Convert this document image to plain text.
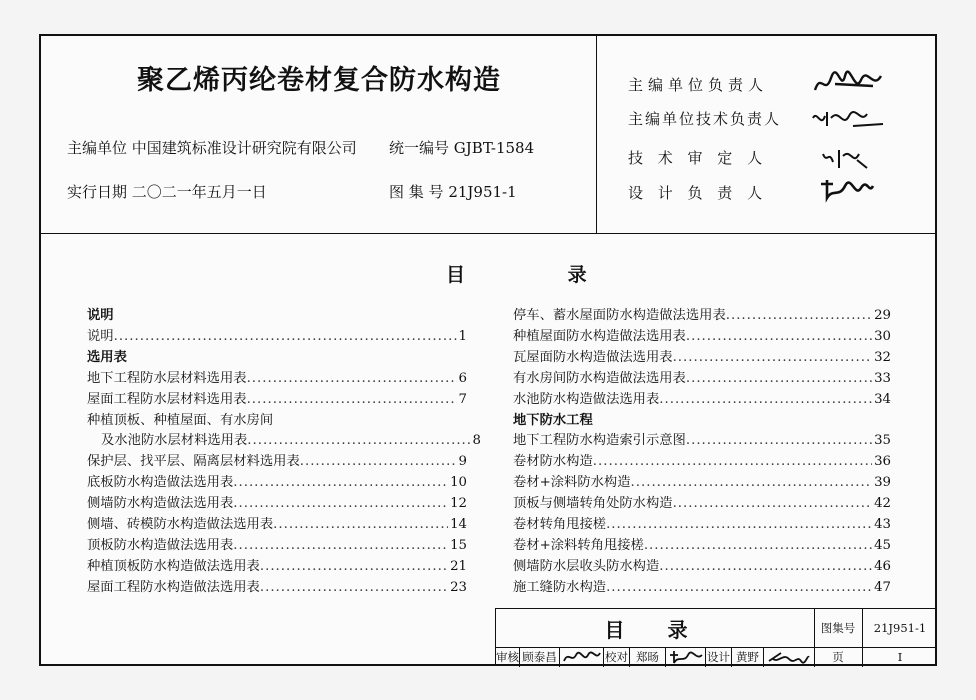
聚乙烯丙纶卷材复合防水构造
主编单位 中国建筑标准设计研究院有限公司 统一编号 GJBT-1584
实行日期 二〇二一年五月一日	图 集 号 21J951-1
主编单位负责人
主编单位技术负责人
技 术 审 定 人
设 计 负 责 人
目 录
说明
说明 .....	1
选用表
地下工程防水层材料选用表 .....	6
屋面工程防水层材料选用表 .....	7
种植顶板、种植屋面、有水房间
及水池防水层材料选用表 .....	8
保护层、找平层、隔离层材料选用表 .....	9
底板防水构造做法选用表 .....	10
侧墙防水构造做法选用表 .....	12
侧墙、砖模防水构造做法选用表 .....	14
顶板防水构造做法选用表 .....	15
种植顶板防水构造做法选用表 .....	21
屋面工程防水构造做法选用表 .....	23
停车、蓄水屋面防水构造做法选用表 .....	29
种植屋面防水构造做法选用表 .....	30
瓦屋面防水构造做法选用表 .....	32
有水房间防水构造做法选用表 .....	33
水池防水构造做法选用表 .....	34
地下防水工程
地下工程防水构造索引示意图 .....	35
卷材防水构造 .....	36
卷材+涂料防水构造 .....	39
顶板与侧墙转角处防水构造 .....	42
卷材转角甩接槎 .....	43
卷材+涂料转角甩接槎 .....	45
侧墙防水层收头防水构造 .....	46
施工缝防水构造 .....	47
目 录	图集号	21J951-1
审核 顾泰昌	校对 郑旸	设计 黄野	页	I
